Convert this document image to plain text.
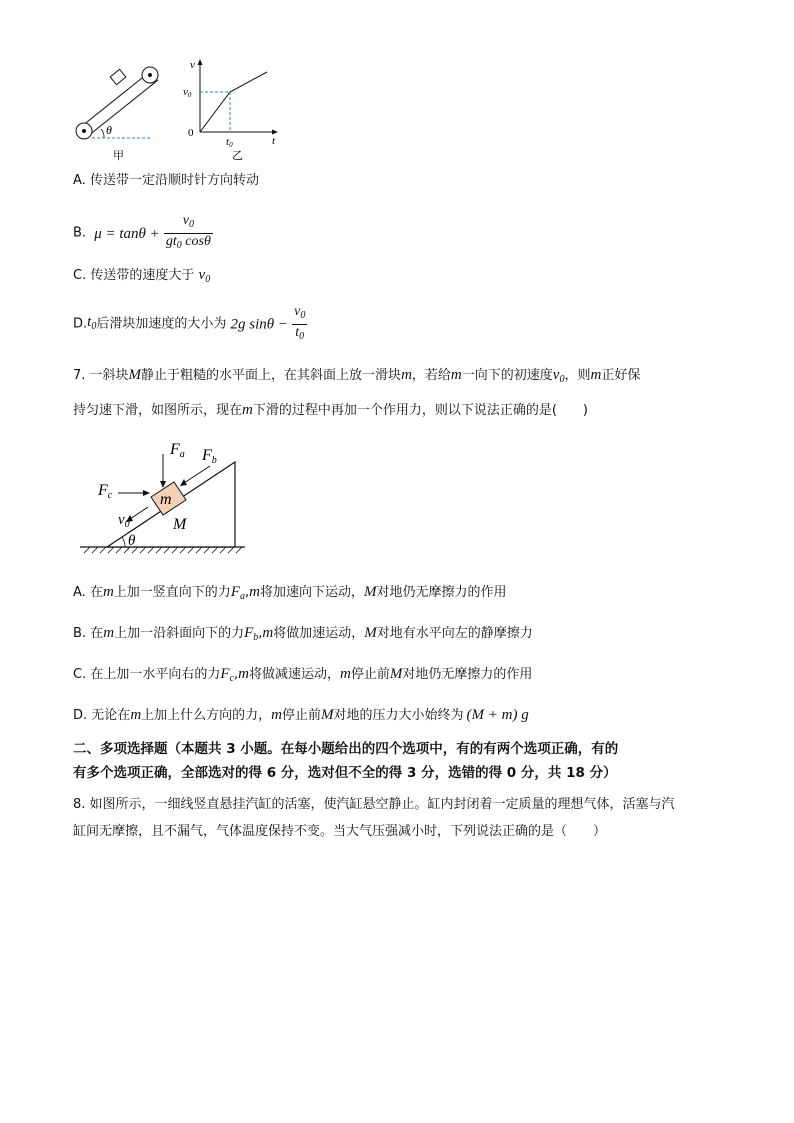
θ
甲
v
t
v0
0
t0
乙
A. 传送带一定沿顺时针方向转动
B. $\mu = \tan\theta + \frac{v_0}{gt_0 \cos\theta}$
C. 传送带的速度大于 $v_0$
$D.t_0$后滑块加速度的大小为 2g $\sin\theta - \frac{v_0}{t_0}$
7. 一斜块M静止于粗糙的水平面上，在其斜面上放一滑块m，若给m一向下的初速度$v_0$，则m正好保
持匀速下滑，如图所示，现在m下滑的过程中再加一个作用力，则以下说法正确的是(　　)
m
Fa Fb
Fc
$v_0$	M
θ
A. 在m上加一竖直向下的力$F_a,m$将加速向下运动，M对地仍无摩擦力的作用
B. 在m上加一沿斜面向下的力$F_b,m$将做加速运动，M对地有水平向左的静摩擦力
C. 在上加一水平向右的力$F_c,m$将做减速运动，m停止前M对地仍无摩擦力的作用
D. 无论在m上加上什么方向的力，m停止前M对地的压力大小始终为 (M + m) g
二、多项选择题（本题共 3 小题。在每小题给出的四个选项中，有的有两个选项正确，有的
有多个选项正确，全部选对的得 6 分，选对但不全的得 3 分，选错的得 0 分，共 18 分）
8. 如图所示，一细线竖直悬挂汽缸的活塞，使汽缸悬空静止。缸内封闭着一定质量的理想气体，活塞与汽
缸间无摩擦，且不漏气，气体温度保持不变。当大气压强减小时，下列说法正确的是（　　）
